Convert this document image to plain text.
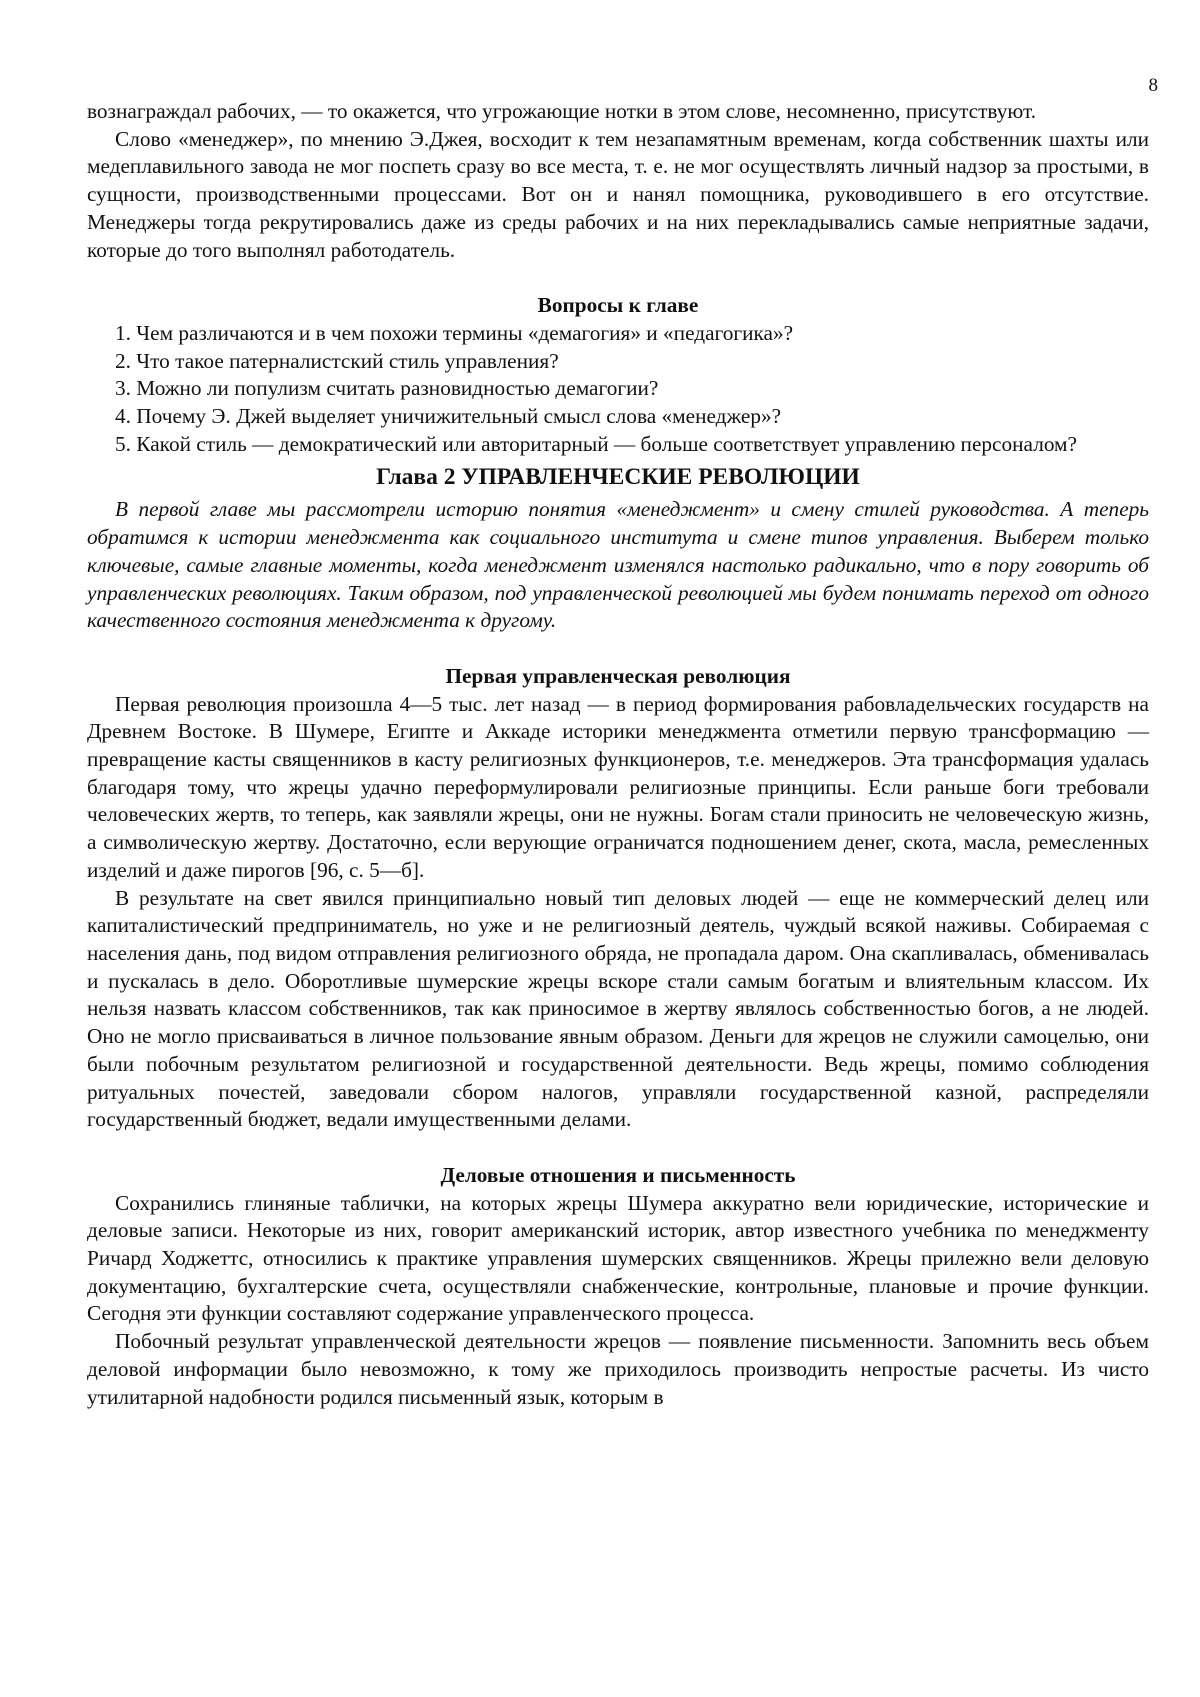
8

вознаграждал рабочих, — то окажется, что угрожающие нотки в этом слове, несомненно, присутствуют.

Слово «менеджер», по мнению Э.Джея, восходит к тем незапамятным временам, когда собственник шахты или медеплавильного завода не мог поспеть сразу во все места, т. е. не мог осуществлять личный надзор за простыми, в сущности, производственными процессами. Вот он и нанял помощника, руководившего в его отсутствие. Менеджеры тогда рекрутировались даже из среды рабочих и на них перекладывались самые неприятные задачи, которые до того выполнял работодатель.

Вопросы к главе

1. Чем различаются и в чем похожи термины «демагогия» и «педагогика»?

2. Что такое патерналистский стиль управления?

3. Можно ли популизм считать разновидностью демагогии?

4. Почему Э. Джей выделяет уничижительный смысл слова «менеджер»?

5. Какой стиль — демократический или авторитарный — больше соответствует управлению персоналом?

Глава 2 УПРАВЛЕНЧЕСКИЕ РЕВОЛЮЦИИ

В первой главе мы рассмотрели историю понятия «менеджмент» и смену стилей руководства. А теперь обратимся к истории менеджмента как социального института и смене типов управления. Выберем только ключевые, самые главные моменты, когда менеджмент изменялся настолько радикально, что в пору говорить об управленческих революциях. Таким образом, под управленческой революцией мы будем понимать переход от одного качественного состояния менеджмента к другому.

Первая управленческая революция

Первая революция произошла 4—5 тыс. лет назад — в период формирования рабовладельческих государств на Древнем Востоке. В Шумере, Египте и Аккаде историки менеджмента отметили первую трансформацию — превращение касты священников в касту религиозных функционеров, т.е. менеджеров. Эта трансформация удалась благодаря тому, что жрецы удачно переформулировали религиозные принципы. Если раньше боги требовали человеческих жертв, то теперь, как заявляли жрецы, они не нужны. Богам стали приносить не человеческую жизнь, а символическую жертву. Достаточно, если верующие ограничатся подношением денег, скота, масла, ремесленных изделий и даже пирогов [96, с. 5—б].

В результате на свет явился принципиально новый тип деловых людей — еще не коммерческий делец или капиталистический предприниматель, но уже и не религиозный деятель, чуждый всякой наживы. Собираемая с населения дань, под видом отправления религиозного обряда, не пропадала даром. Она скапливалась, обменивалась и пускалась в дело. Оборотливые шумерские жрецы вскоре стали самым богатым и влиятельным классом. Их нельзя назвать классом собственников, так как приносимое в жертву являлось собственностью богов, а не людей. Оно не могло присваиваться в личное пользование явным образом. Деньги для жрецов не служили самоцелью, они были побочным результатом религиозной и государственной деятельности. Ведь жрецы, помимо соблюдения ритуальных почестей, заведовали сбором налогов, управляли государственной казной, распределяли государственный бюджет, ведали имущественными делами.

Деловые отношения и письменность

Сохранились глиняные таблички, на которых жрецы Шумера аккуратно вели юридические, исторические и деловые записи. Некоторые из них, говорит американский историк, автор известного учебника по менеджменту Ричард Ходжеттс, относились к практике управления шумерских священников. Жрецы прилежно вели деловую документацию, бухгалтерские счета, осуществляли снабженческие, контрольные, плановые и прочие функции. Сегодня эти функции составляют содержание управленческого процесса.

Побочный результат управленческой деятельности жрецов — появление письменности. Запомнить весь объем деловой информации было невозможно, к тому же приходилось производить непростые расчеты. Из чисто утилитарной надобности родился письменный язык, которым в
